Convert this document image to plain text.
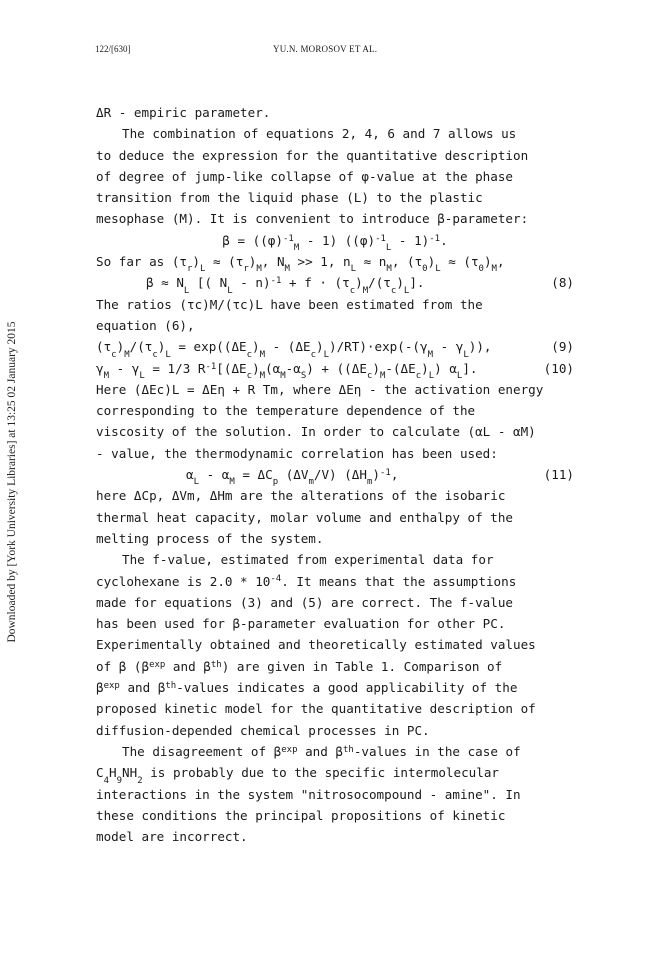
122/[630]	YU.N. MOROSOV ET AL.
Downloaded by [York University Libraries] at 13:25 02 January 2015
ΔR - empiric parameter.
The combination of equations 2, 4, 6 and 7 allows us
to deduce the expression for the quantitative description
of degree of jump-like collapse of φ-value at the phase
transition from the liquid phase (L) to the plastic
mesophase (M). It is convenient to introduce β-parameter:
$\beta = ((\varphi)^{-1}_M - 1)$ $((\varphi)^{-1}_L - 1)^{-1}$.
So far as $(\tau_r)_L \approx (\tau_r)_M$, $N_M >> 1$, $n_L \approx n_M$, $(\tau_0)_L \approx (\tau_0)_M$,
$\beta \approx N_L$ [( $N_L - n)^{-1} + f \cdot (\tau_c)_M/(\tau_c)_L$].	(8)
The ratios (τc)M/(τc)L have been estimated from the
equation (6),
$(\tau_c)_M/(\tau_c)_L = \exp((\Delta E_c)_M - (\Delta E_c)_L)/RT)\cdot\exp(-(\gamma_M - \gamma_L))$,	(9)
$\gamma_M - \gamma_L = 1/3$ $R^{-1}[(\Delta E_c)_M(\alpha_M-\alpha_S) + ((\Delta E_c)_M-(\Delta E_c)_L)$ $\alpha_L$].	(10)
Here (ΔEc)L = ΔEη + R Tm, where ΔEη - the activation energy
corresponding to the temperature dependence of the
viscosity of the solution. In order to calculate (αL - αM)
- value, the thermodynamic correlation has been used:
$\alpha_L - \alpha_M = \Delta C_p$ $(\Delta V_m/V)$ $(\Delta H_m)^{-1}$,	(11)
here ΔCp, ΔVm, ΔHm are the alterations of the isobaric
thermal heat capacity, molar volume and enthalpy of the
melting process of the system.
The f-value, estimated from experimental data for
cyclohexane is $2.0 * 10^{-4}$. It means that the assumptions
made for equations (3) and (5) are correct. The f-value
has been used for β-parameter evaluation for other PC.
Experimentally obtained and theoretically estimated values
of β ($\beta^{exp}$ and $\beta^{th}$) are given in Table 1. Comparison of
$\beta^{exp}$ and $\beta^{th}$-values indicates a good applicability of the
proposed kinetic model for the quantitative description of
diffusion-depended chemical processes in PC.
The disagreement of $\beta^{exp}$ and $\beta^{th}$-values in the case of
$C_4H_9NH_2$ is probably due to the specific intermolecular
interactions in the system "nitrosocompound - amine". In
these conditions the principal propositions of kinetic
model are incorrect.
